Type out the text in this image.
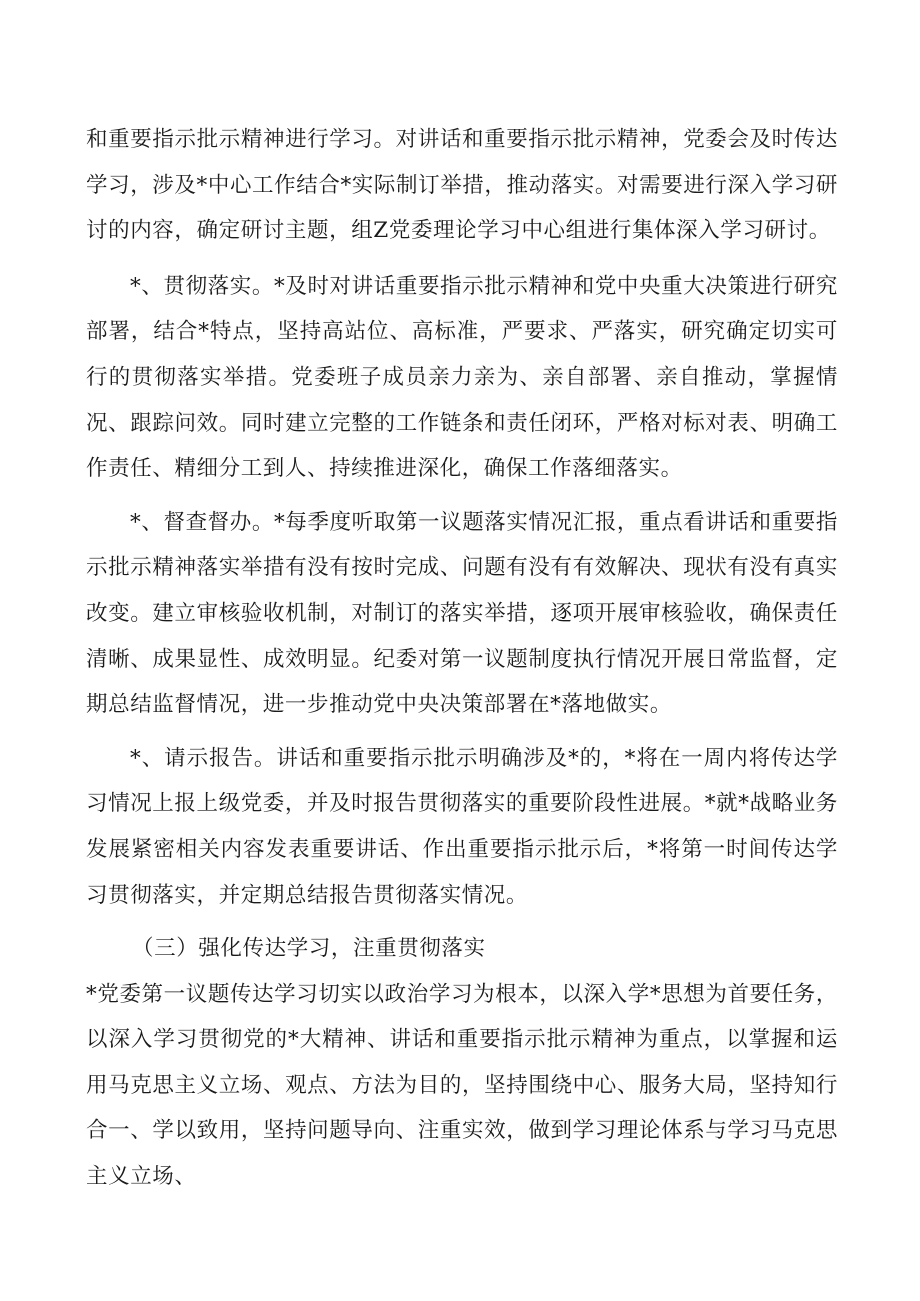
和重要指示批示精神进行学习。对讲话和重要指示批示精神，党委会及时传达学习，涉及*中心工作结合*实际制订举措，推动落实。对需要进行深入学习研讨的内容，确定研讨主题，组Z党委理论学习中心组进行集体深入学习研讨。

*、贯彻落实。*及时对讲话重要指示批示精神和党中央重大决策进行研究部署，结合*特点，坚持高站位、高标准，严要求、严落实，研究确定切实可行的贯彻落实举措。党委班子成员亲力亲为、亲自部署、亲自推动，掌握情况、跟踪问效。同时建立完整的工作链条和责任闭环，严格对标对表、明确工作责任、精细分工到人、持续推进深化，确保工作落细落实。

*、督查督办。*每季度听取第一议题落实情况汇报，重点看讲话和重要指示批示精神落实举措有没有按时完成、问题有没有有效解决、现状有没有真实改变。建立审核验收机制，对制订的落实举措，逐项开展审核验收，确保责任清晰、成果显性、成效明显。纪委对第一议题制度执行情况开展日常监督，定期总结监督情况，进一步推动党中央决策部署在*落地做实。

*、请示报告。讲话和重要指示批示明确涉及*的，*将在一周内将传达学习情况上报上级党委，并及时报告贯彻落实的重要阶段性进展。*就*战略业务发展紧密相关内容发表重要讲话、作出重要指示批示后，*将第一时间传达学习贯彻落实，并定期总结报告贯彻落实情况。

（三）强化传达学习，注重贯彻落实

*党委第一议题传达学习切实以政治学习为根本，以深入学*思想为首要任务，以深入学习贯彻党的*大精神、讲话和重要指示批示精神为重点，以掌握和运用马克思主义立场、观点、方法为目的，坚持围绕中心、服务大局，坚持知行合一、学以致用，坚持问题导向、注重实效，做到学习理论体系与学习马克思主义立场、
